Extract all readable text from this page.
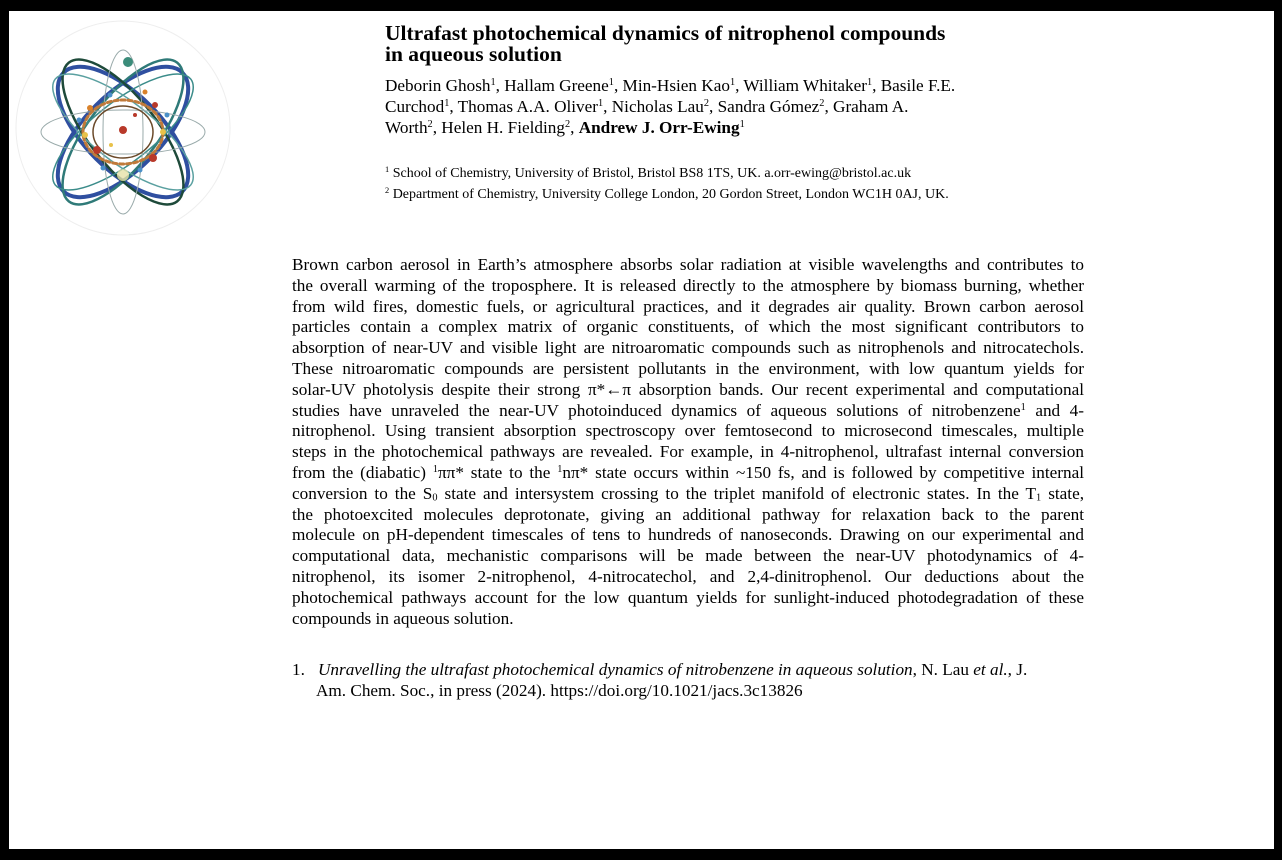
Ultrafast photochemical dynamics of nitrophenol compounds
in aqueous solution
Deborin Ghosh$^1$, Hallam Greene$^1$, Min-Hsien Kao$^1$, William Whitaker$^1$, Basile F.E.
Curchod$^1$, Thomas A.A. Oliver$^1$, Nicholas Lau$^2$, Sandra Gómez$^2$, Graham A.
Worth$^2$, Helen H. Fielding$^2$, Andrew J. Orr-Ewing$^1$
$^1$ School of Chemistry, University of Bristol, Bristol BS8 1TS, UK. a.orr-ewing@bristol.ac.uk
$^2$ Department of Chemistry, University College London, 20 Gordon Street, London WC1H 0AJ, UK.
Brown carbon aerosol in Earth’s atmosphere absorbs solar radiation at visible wavelengths and contributes to
the overall warming of the troposphere. It is released directly to the atmosphere by biomass burning, whether
from wild fires, domestic fuels, or agricultural practices, and it degrades air quality. Brown carbon aerosol
particles contain a complex matrix of organic constituents, of which the most significant contributors to
absorption of near-UV and visible light are nitroaromatic compounds such as nitrophenols and nitrocatechols.
These nitroaromatic compounds are persistent pollutants in the environment, with low quantum yields for
solar-UV photolysis despite their strong π*←π absorption bands. Our recent experimental and computational
studies have unraveled the near-UV photoinduced dynamics of aqueous solutions of nitrobenzene$^1$ and 4-
nitrophenol. Using transient absorption spectroscopy over femtosecond to microsecond timescales, multiple
steps in the photochemical pathways are revealed. For example, in 4-nitrophenol, ultrafast internal conversion
from the (diabatic) $^1$ππ* state to the $^1$nπ* state occurs within ~150 fs, and is followed by competitive internal
conversion to the $S_0$ state and intersystem crossing to the triplet manifold of electronic states. In the $T_1$ state,
the photoexcited molecules deprotonate, giving an additional pathway for relaxation back to the parent
molecule on pH-dependent timescales of tens to hundreds of nanoseconds. Drawing on our experimental and
computational data, mechanistic comparisons will be made between the near-UV photodynamics of 4-
nitrophenol, its isomer 2-nitrophenol, 4-nitrocatechol, and 2,4-dinitrophenol. Our deductions about the
photochemical pathways account for the low quantum yields for sunlight-induced photodegradation of these
compounds in aqueous solution.
1. Unravelling the ultrafast photochemical dynamics of nitrobenzene in aqueous solution, N. Lau et al., J.
Am. Chem. Soc., in press (2024). https://doi.org/10.1021/jacs.3c13826
